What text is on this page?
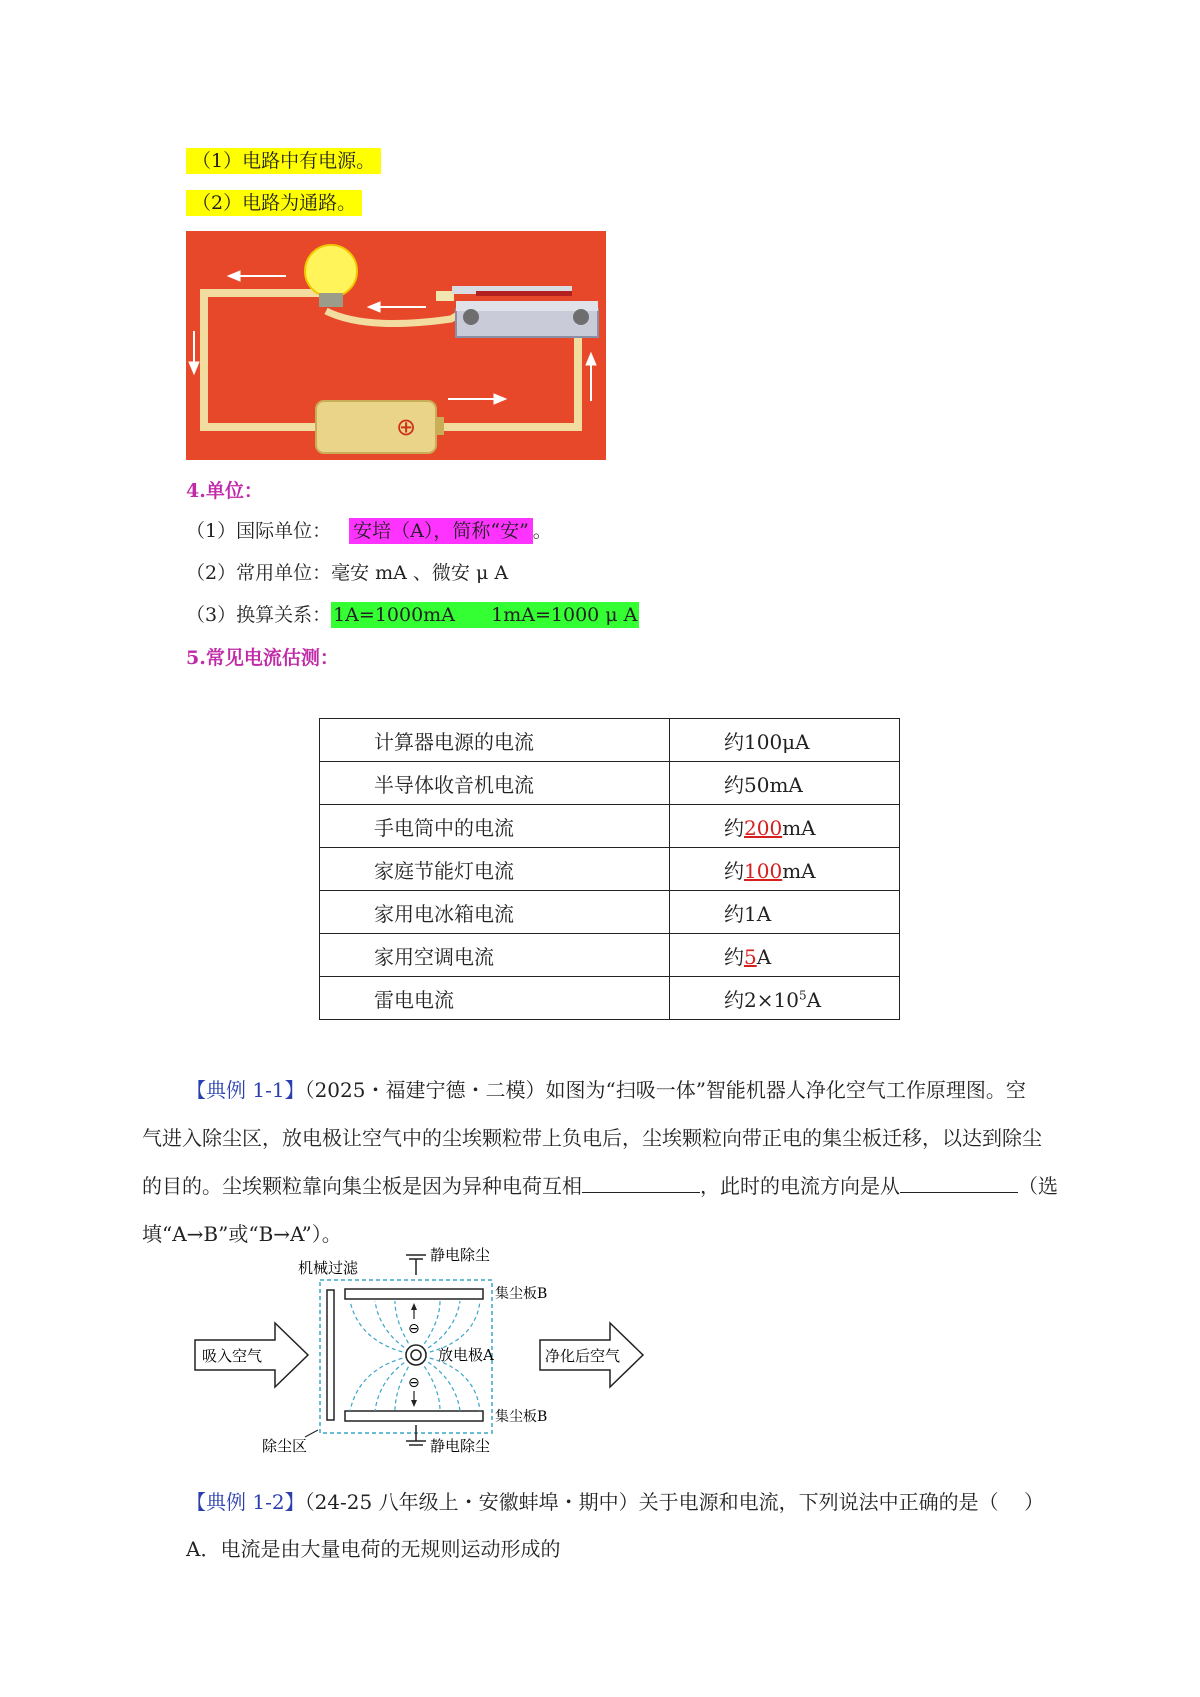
（1）电路中有电源。
（2）电路为通路。
⊕
4.单位：
（1）国际单位： 安培（A），简称“安” 。
（2）常用单位：毫安 mA 、微安 μ A
（3）换算关系： 1A=1000mA      1mA=1000 μ A
5.常见电流估测：
计算器电源的电流	约100μA
半导体收音机电流	约50mA
手电筒中的电流	约200mA
家庭节能灯电流	约100mA
家用电冰箱电流	约1A
家用空调电流	约5A
雷电电流	约$2\times 10^5A$
【典例 1-1】（2025・福建宁德・二模）如图为“扫吸一体”智能机器人净化空气工作原理图。空
气进入除尘区，放电极让空气中的尘埃颗粒带上负电后，尘埃颗粒向带正电的集尘板迁移，以达到除尘
的目的。尘埃颗粒靠向集尘板是因为异种电荷互相	，此时的电流方向是从	（选
填“A→B”或“B→A”）。
静电除尘
机械过滤
集尘板B
集尘板B
放电极A
⊖
⊖
吸入空气	净化后空气
除尘区	静电除尘
【典例 1-2】（24-25 八年级上・安徽蚌埠・期中）关于电源和电流，下列说法中正确的是（    ）
A．电流是由大量电荷的无规则运动形成的
